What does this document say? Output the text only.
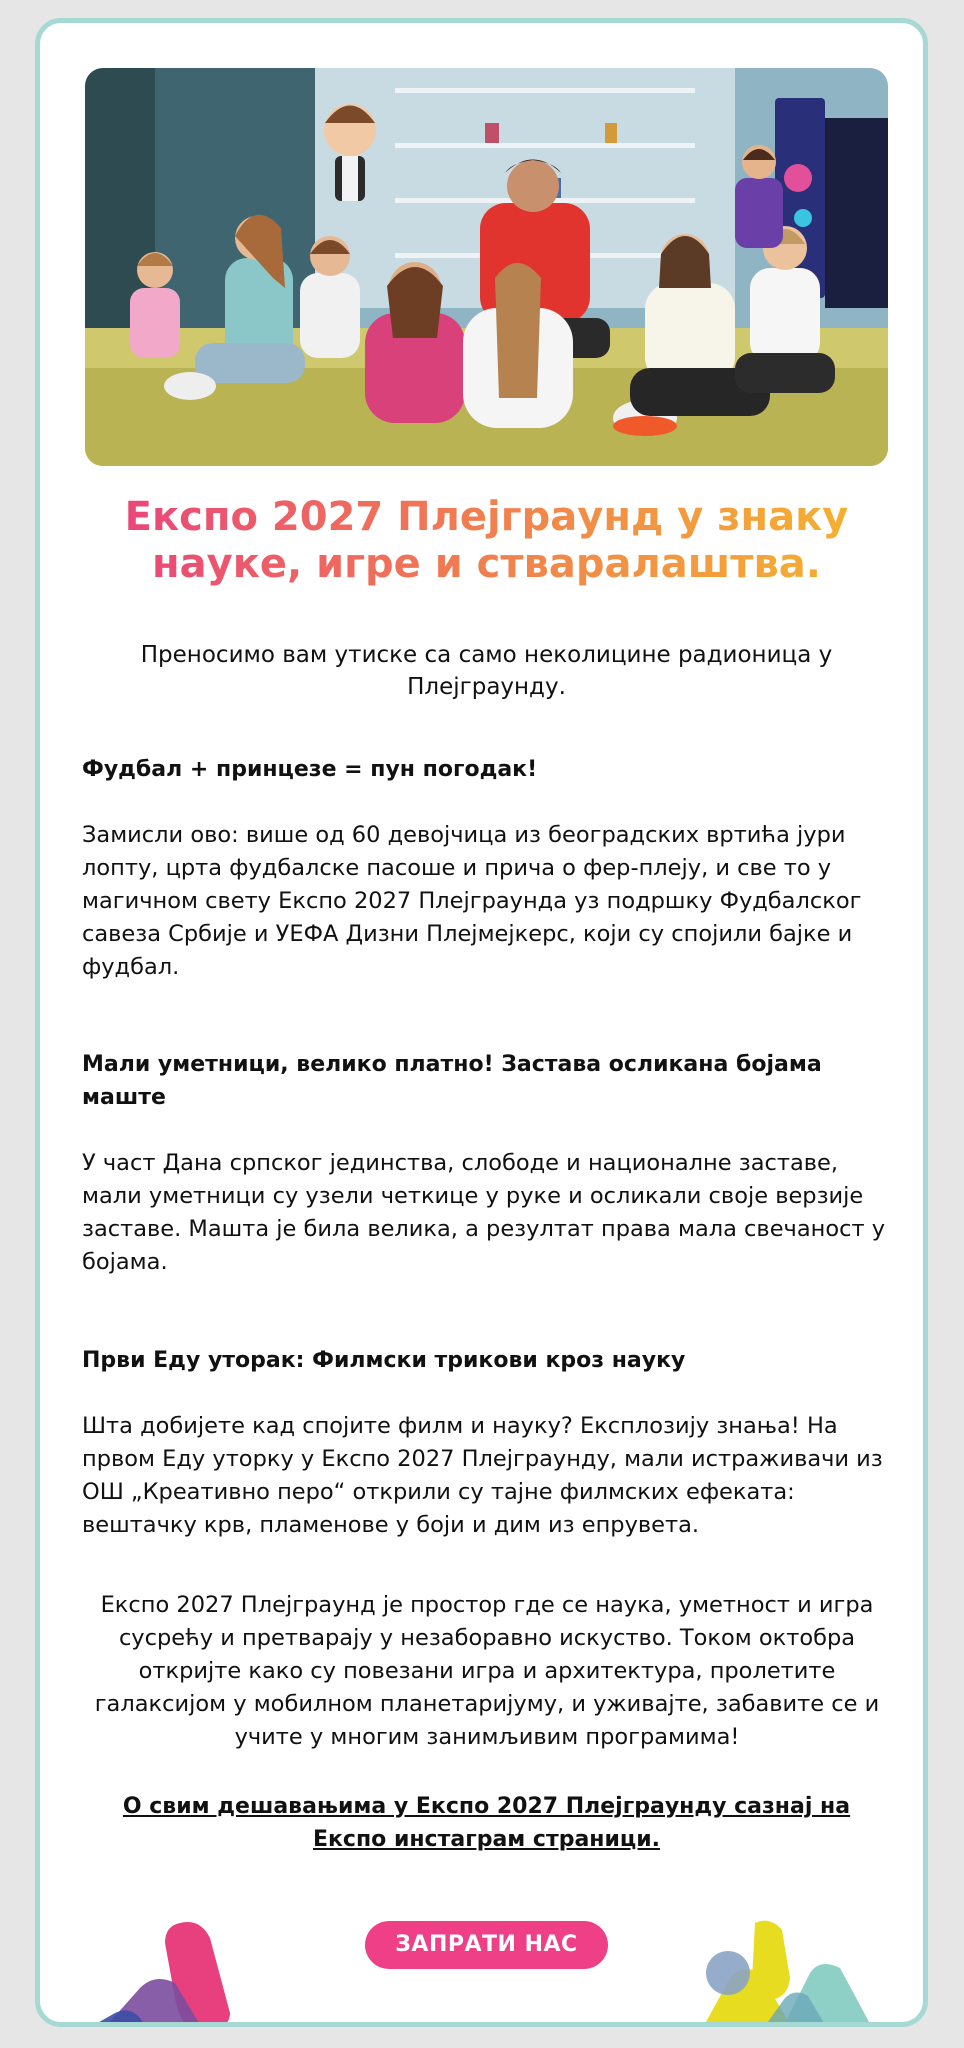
Експо 2027 Плејграунд у знаку науке, игре и стваралаштва.

Преносимо вам утиске са само неколицине радионица у Плејграунду.

Фудбал + принцезе = пун погодак!

Замисли ово: више од 60 девојчица из београдских вртића јури лопту, црта фудбалске пасоше и прича о фер-плеју, и све то у магичном свету Експо 2027 Плејграунда уз подршку Фудбалског савеза Србије и УЕФА Дизни Плејмејкерс, који су спојили бајке и фудбал.

Мали уметници, велико платно! Застава осликана бојама маште

У част Дана српског јединства, слободе и националне заставе, мали уметници су узели четкице у руке и осликали своје верзије заставе. Машта је била велика, а резултат права мала свечаност у бојама.

Први Еду уторак: Филмски трикови кроз науку

Шта добијете кад спојите филм и науку? Експлозију знања! На првом Еду уторку у Експо 2027 Плејграунду, мали истраживачи из ОШ „Креативно перо“ открили су тајне филмских ефеката: вештачку крв, пламенове у боји и дим из епрувета.

Експо 2027 Плејграунд је простор где се наука, уметност и игра сусрећу и претварају у незаборавно искуство. Током октобра откријте како су повезани игра и архитектура, пролетите галаксијом у мобилном планетаријуму, и уживајте, забавите се и учите у многим занимљивим програмима!

О свим дешавањима у Експо 2027 Плејграунду сазнај на Експо инстаграм страници.
ЗАПРАТИ НАС
